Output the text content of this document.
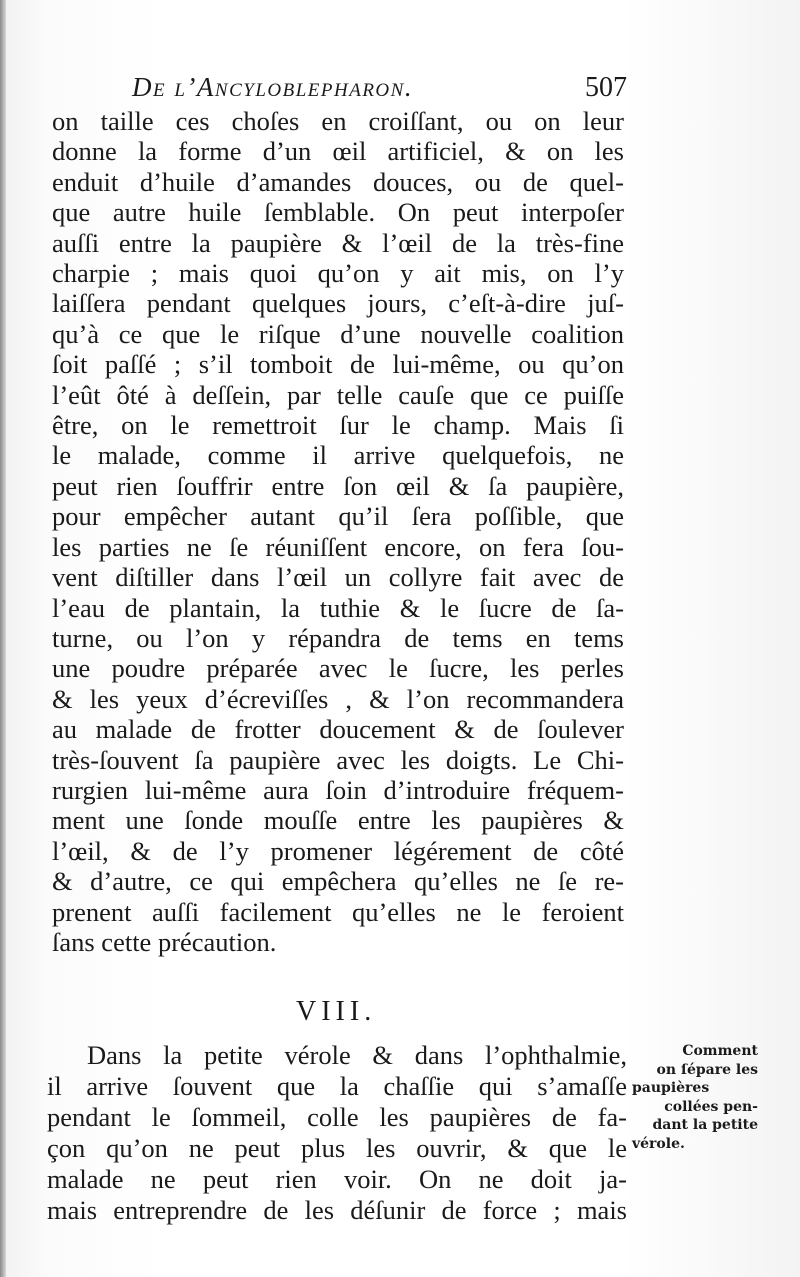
De l’Ancyloblepharon.	507
on taille ces choſes en croiſſant, ou on leur
donne la forme d’un œil artificiel, & on les
enduit d’huile d’amandes douces, ou de quel-
que autre huile ſemblable. On peut interpoſer
auſſi entre la paupière & l’œil de la très-fine
charpie ; mais quoi qu’on y ait mis, on l’y
laiſſera pendant quelques jours, c’eſt-à-dire juſ-
qu’à ce que le riſque d’une nouvelle coalition
ſoit paſſé ; s’il tomboit de lui-même, ou qu’on
l’eût ôté à deſſein, par telle cauſe que ce puiſſe
être, on le remettroit ſur le champ. Mais ſi
le malade, comme il arrive quelquefois, ne
peut rien ſouffrir entre ſon œil & ſa paupière,
pour empêcher autant qu’il ſera poſſible, que
les parties ne ſe réuniſſent encore, on fera ſou-
vent diſtiller dans l’œil un collyre fait avec de
l’eau de plantain, la tuthie & le ſucre de ſa-
turne, ou l’on y répandra de tems en tems
une poudre préparée avec le ſucre, les perles
& les yeux d’écreviſſes , & l’on recommandera
au malade de frotter doucement & de ſoulever
très-ſouvent ſa paupière avec les doigts. Le Chi-
rurgien lui-même aura ſoin d’introduire fréquem-
ment une ſonde mouſſe entre les paupières &
l’œil, & de l’y promener légérement de côté
& d’autre, ce qui empêchera qu’elles ne ſe re-
prenent auſſi facilement qu’elles ne le feroient
ſans cette précaution.
VIII.
Dans la petite vérole & dans l’ophthalmie,
il arrive ſouvent que la chaſſie qui s’amaſſe
pendant le ſommeil, colle les paupières de fa-
çon qu’on ne peut plus les ouvrir, & que le
malade ne peut rien voir. On ne doit ja-
mais entreprendre de les déſunir de force ; mais
Comment
on ſépare les
paupières
collées pen-
dant la petite
vérole.
